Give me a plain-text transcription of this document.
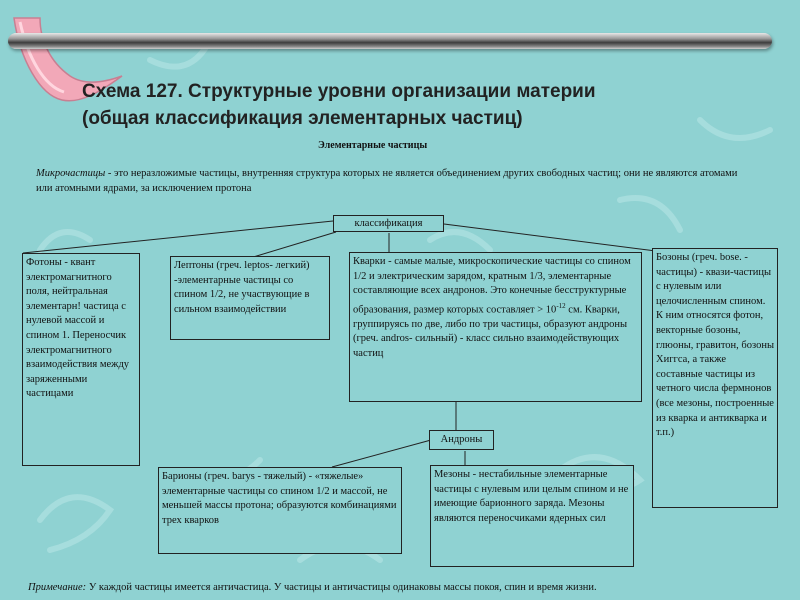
Схема 127. Структурные уровни организации материи
(общая классификация элементарных частиц)
Элементарные частицы
Микрочастицы - это неразложимые частицы, внутренняя структура которых не является объединением других свободных частиц; они не являются атомами или атомными ядрами, за исключением протона
классификация
Фотоны - квант электромагнитного поля, нейтральная элементарн! частица с нулевой массой и спином 1. Переносчик электромагнитного взаимодействия между заряженными частицами
Лептоны (греч. leptos- легкий) -элементарные частицы со спином 1/2, не участвующие в сильном взаимодействии
Кварки - самые малые, микроскопические частицы со спином 1/2 и электрическим зарядом, кратным 1/3, элементарные составляющие всех андронов. Это конечные бесструктурные образования, размер которых составляет > $10^{-12}$ см. Кварки, группируясь по две, либо по три частицы, образуют андроны (греч. andros- сильный) - класс сильно взаимодействующих частиц
Бозоны (греч. bose. - частицы) - квази-частицы с нулевым или целочисленным спином. К ним относятся фотон, векторные бозоны, глюоны, гравитон, бозоны Хиггса, а также составные частицы из четного числа фермнонов (все мезоны, построенные из кварка и антикварка и т.п.)
Андроны
Барионы (греч. barys - тяжелый) - «тяжелые» элементарные частицы со спином 1/2 и массой, не меньшей массы протона; образуются комбинациями трех кварков
Мезоны - нестабильные элементарные частицы с нулевым или целым спином и не имеющие барионного заряда. Мезоны являются переносчиками ядерных сил
Примечание: У каждой частицы имеется античастица. У частицы и античастицы одинаковы массы покоя, спин и время жизни.
